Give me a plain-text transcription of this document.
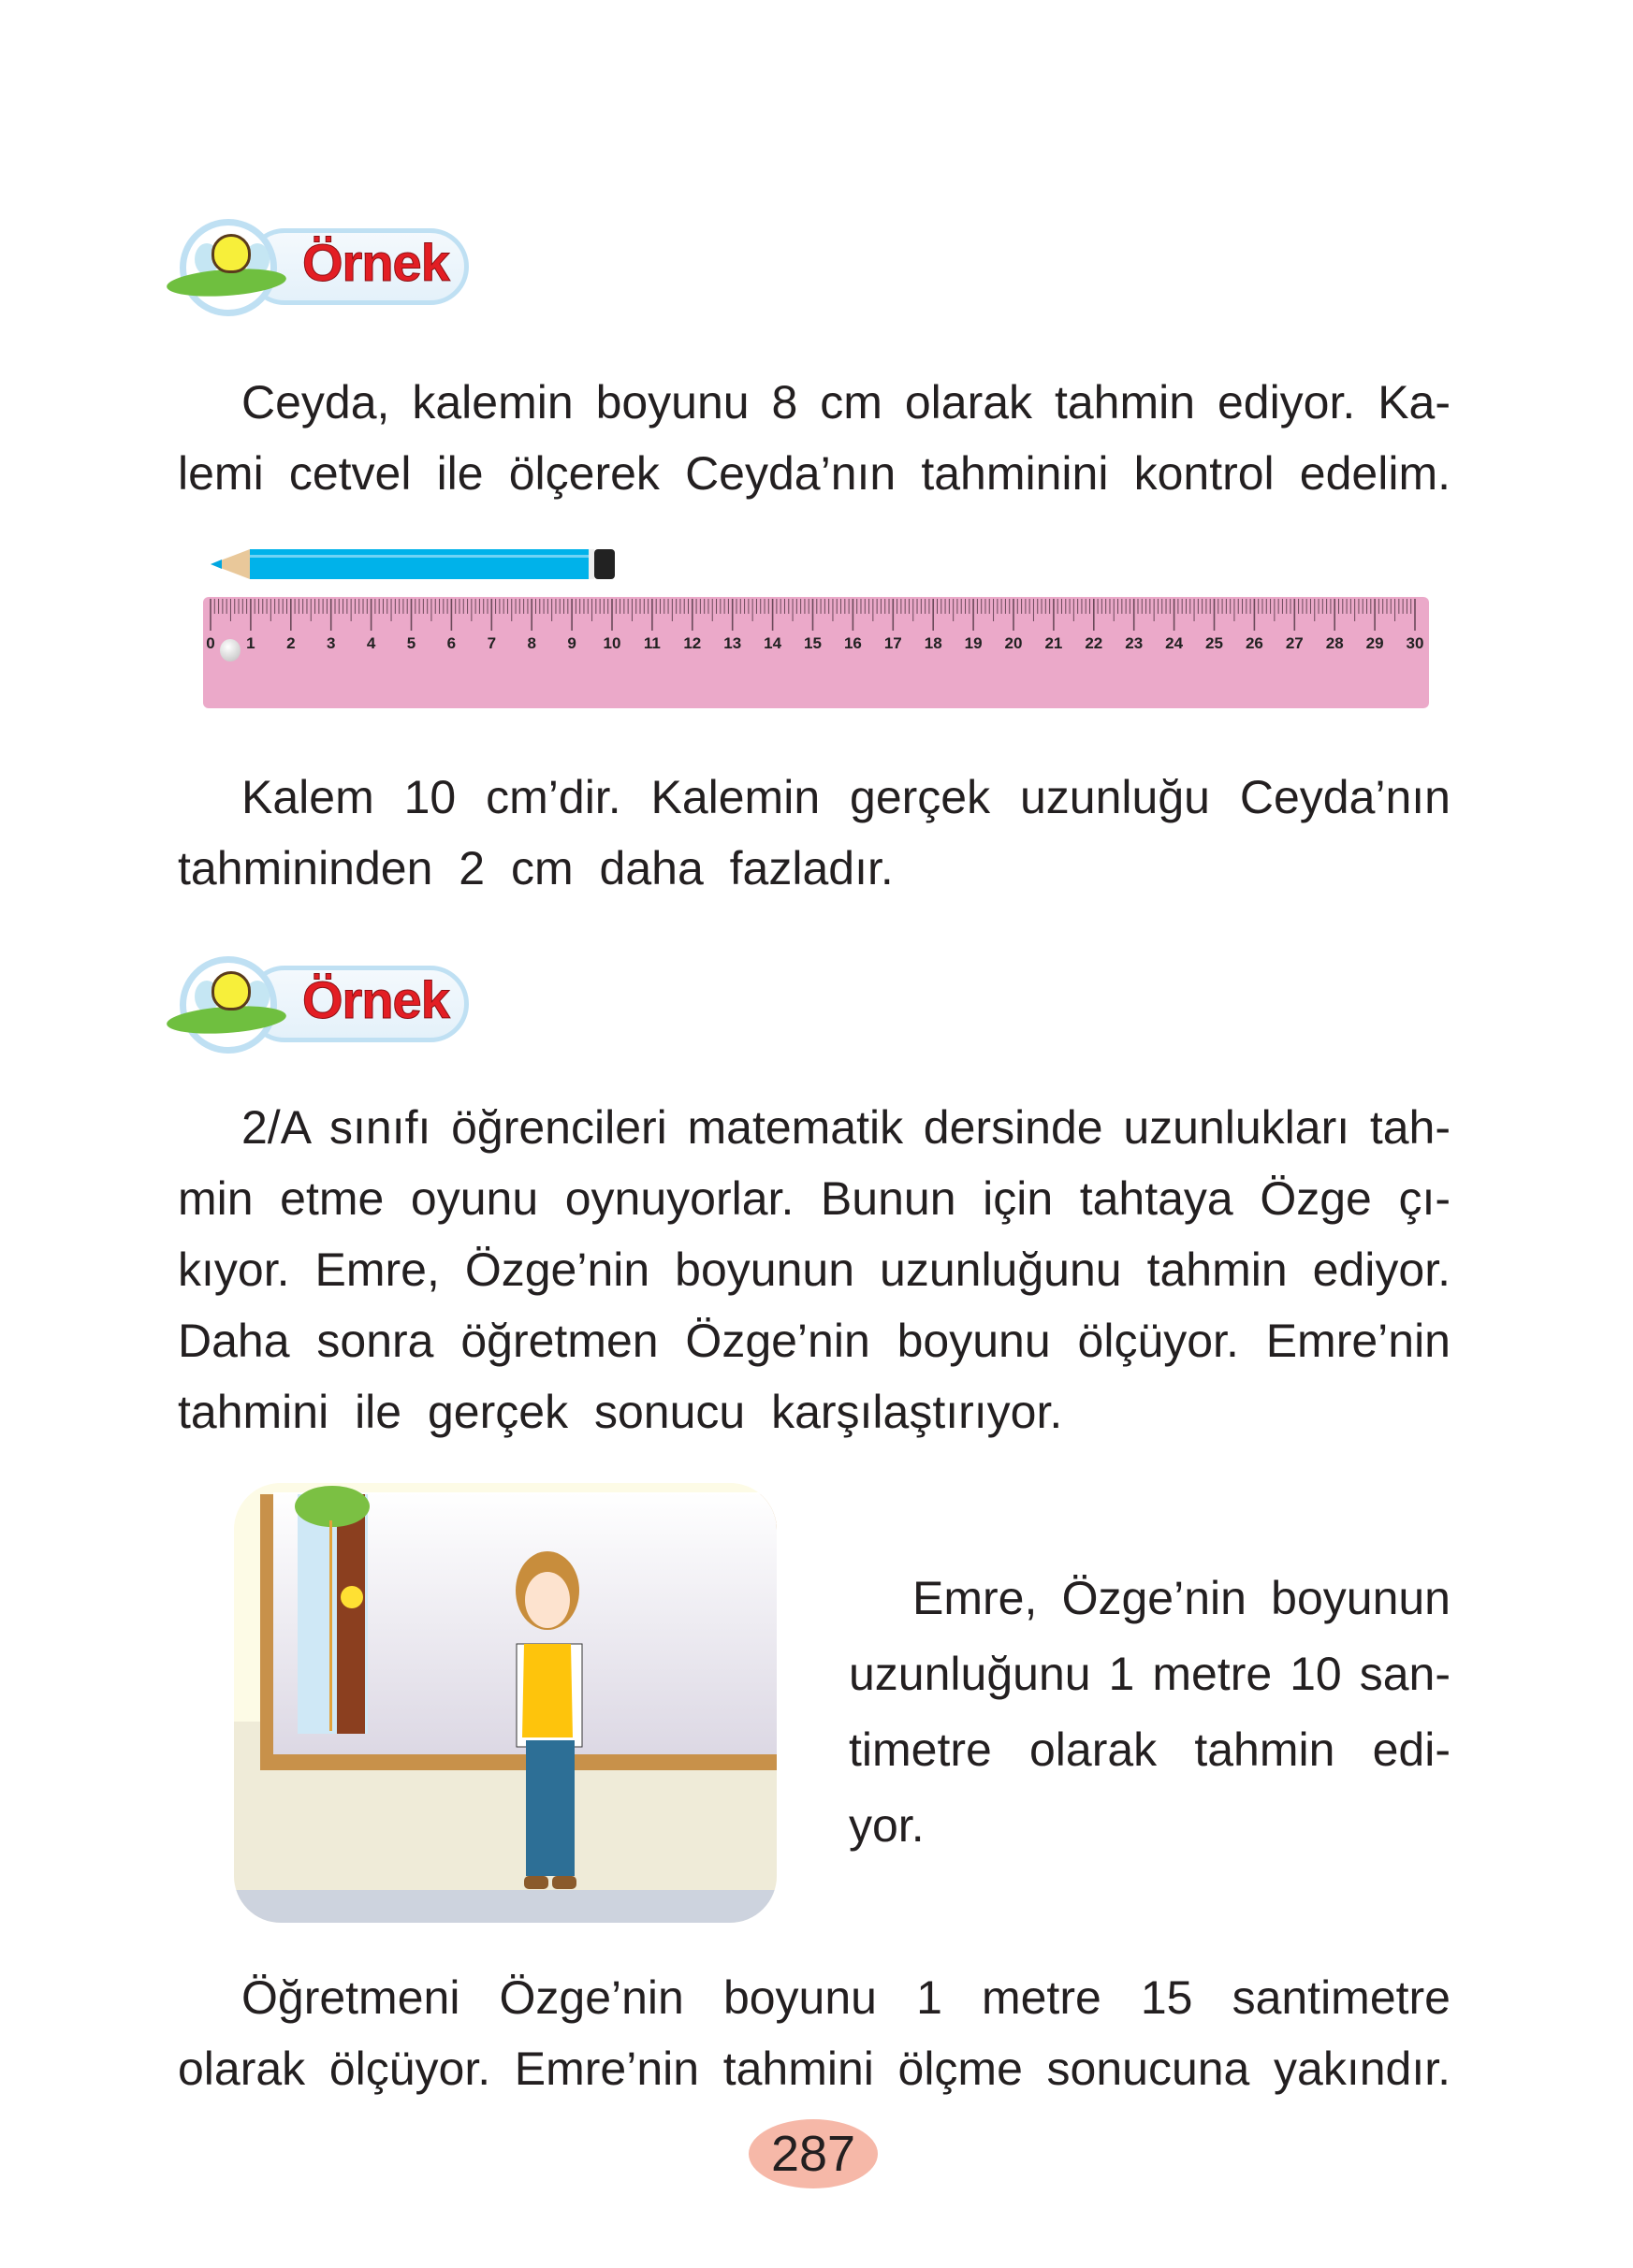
Örnek
Ceyda, kalemin boyunu 8 cm olarak tahmin ediyor. Ka-
lemi cetvel ile ölçerek Ceyda’nın tahminini kontrol edelim.
0 1 2 3 4 5 6 7 8 9 10 11 12 13 14 15 16 17 18 19 20 21 22 23 24 25 26 27 28 29 30
Kalem 10 cm’dir. Kalemin gerçek uzunluğu Ceyda’nın
tahmininden 2 cm daha fazladır.
Örnek
2/A sınıfı öğrencileri matematik dersinde uzunlukları tah-
min etme oyunu oynuyorlar. Bunun için tahtaya Özge çı-
kıyor. Emre, Özge’nin boyunun uzunluğunu tahmin ediyor.
Daha sonra öğretmen Özge’nin boyunu ölçüyor. Emre’nin
tahmini ile gerçek sonucu karşılaştırıyor.
Emre, Özge’nin boyunun
uzunluğunu 1 metre 10 san-
timetre olarak tahmin edi-
yor.
Öğretmeni Özge’nin boyunu 1 metre 15 santimetre
olarak ölçüyor. Emre’nin tahmini ölçme sonucuna yakındır.
287
